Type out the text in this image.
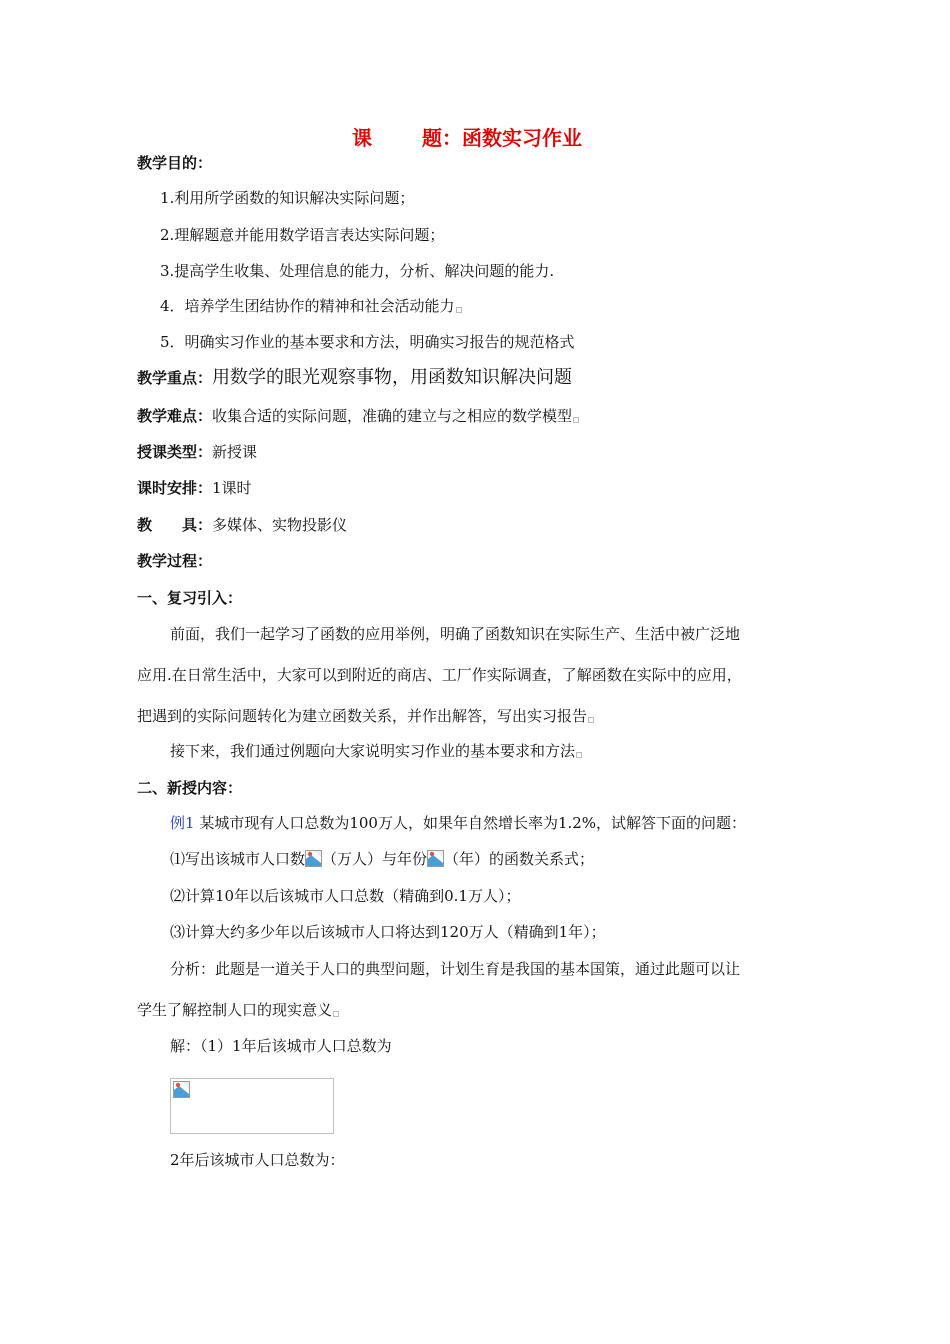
课	题：函数实习作业
教学目的：
1.利用所学函数的知识解决实际问题；
2.理解题意并能用数学语言表达实际问题；
3.提高学生收集、处理信息的能力，分析、解决问题的能力.
4．培养学生团结协作的精神和社会活动能力
5．明确实习作业的基本要求和方法，明确实习报告的规范格式
教学重点：用数学的眼光观察事物，用函数知识解决问题
教学难点：收集合适的实际问题，准确的建立与之相应的数学模型
授课类型：新授课
课时安排：1课时
教 具：多媒体、实物投影仪
教学过程：
一、复习引入：
前面，我们一起学习了函数的应用举例，明确了函数知识在实际生产、生活中被广泛地
应用.在日常生活中，大家可以到附近的商店、工厂作实际调查，了解函数在实际中的应用，
把遇到的实际问题转化为建立函数关系，并作出解答，写出实习报告
接下来，我们通过例题向大家说明实习作业的基本要求和方法
二、新授内容：
例1 某城市现有人口总数为100万人，如果年自然增长率为1.2%，试解答下面的问题：
⑴写出该城市人口数 （万人）与年份 （年）的函数关系式；
⑵计算10年以后该城市人口总数（精确到0.1万人）；
⑶计算大约多少年以后该城市人口将达到120万人（精确到1年）；
分析：此题是一道关于人口的典型问题，计划生育是我国的基本国策，通过此题可以让
学生了解控制人口的现实意义
解：（1）1年后该城市人口总数为
2年后该城市人口总数为：
